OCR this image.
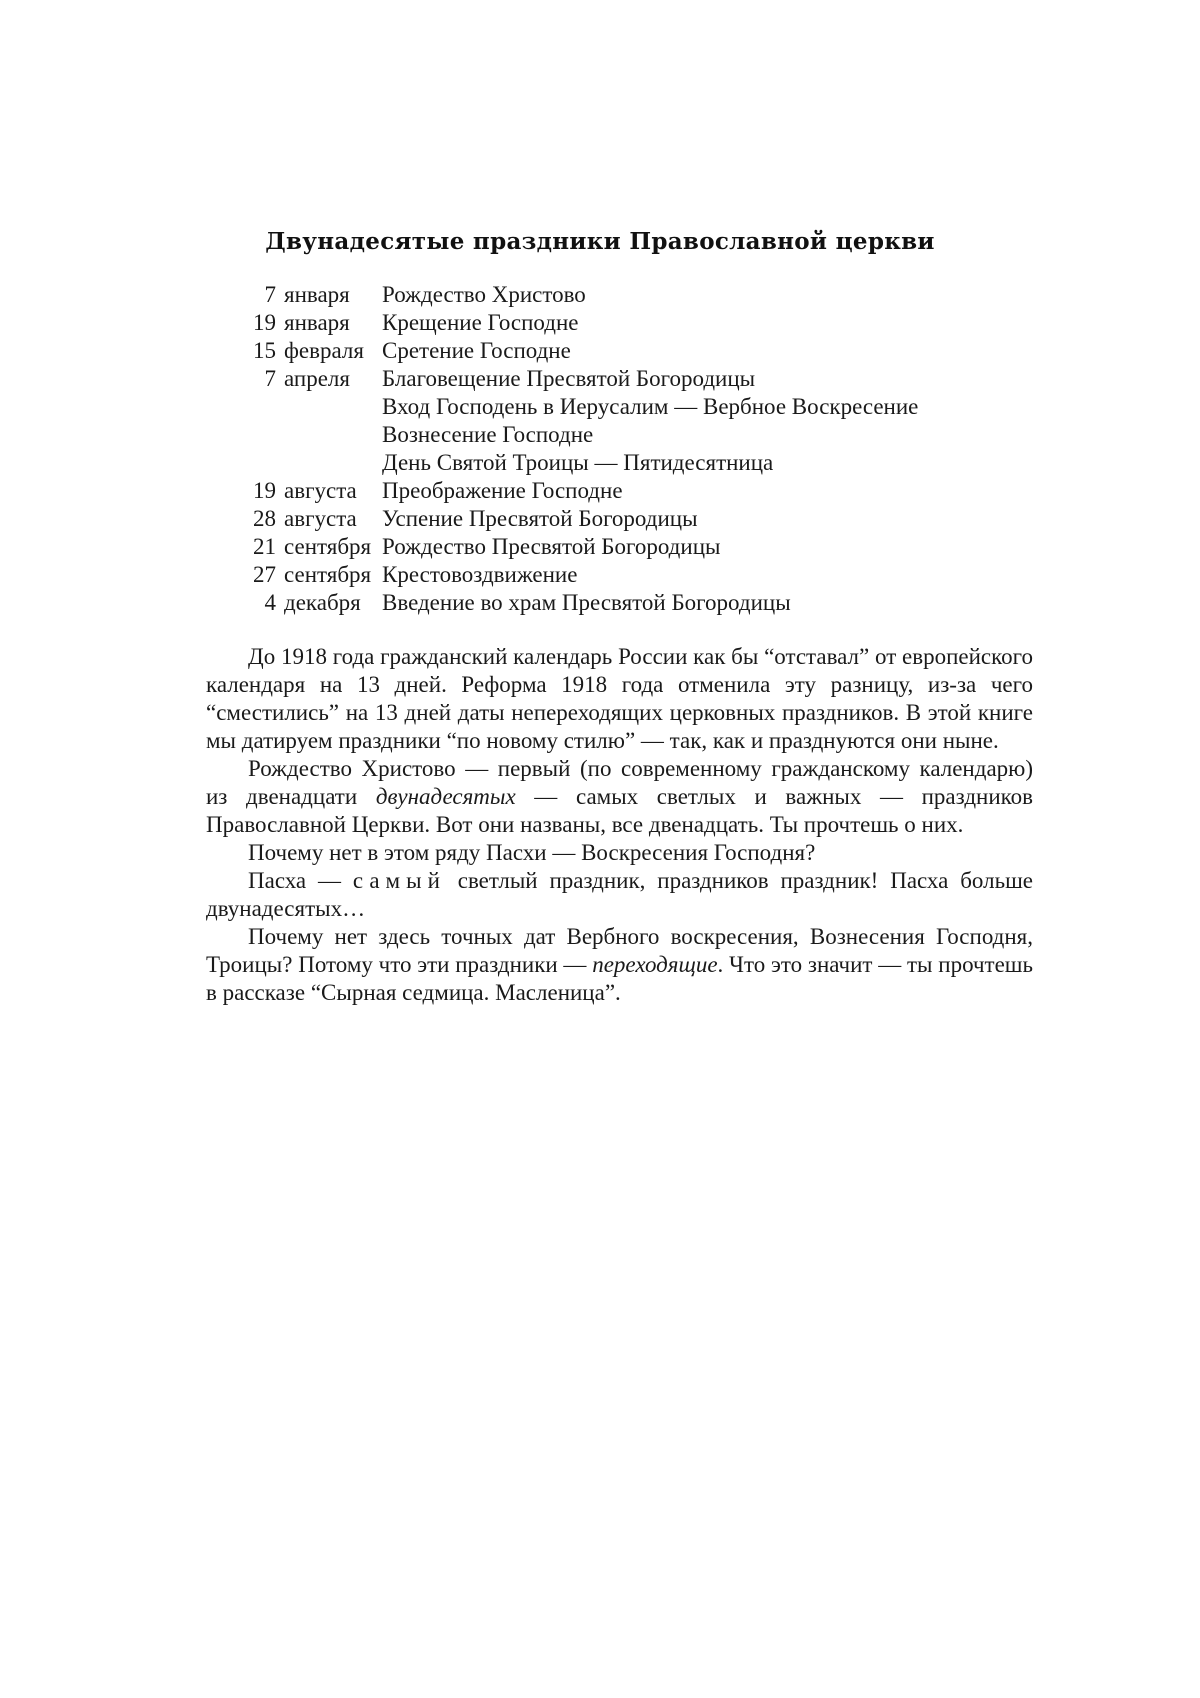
Двунадесятые праздники Православной церкви
7 января	Рождество Христово
19 января	Крещение Господне
15 февраля Сретение Господне
7 апреля	Благовещение Пресвятой Богородицы
Вход Господень в Иерусалим — Вербное Воскресение
Вознесение Господне
День Святой Троицы — Пятидесятница
19 августа	Преображение Господне
28 августа	Успение Пресвятой Богородицы
21 сентября Рождество Пресвятой Богородицы
27 сентября Крестовоздвижение
4 декабря Введение во храм Пресвятой Богородицы

До 1918 года гражданский календарь России как бы “отставал” от европейского календаря на 13 дней. Реформа 1918 года отменила эту разницу, из-за чего “сместились” на 13 дней даты непереходящих церковных праздников. В этой книге мы датируем праздники “по новому стилю” — так, как и празднуются они ныне.

Рождество Христово — первый (по современному гражданскому календарю) из двенадцати двунадесятых — самых светлых и важных — праздников Православной Церкви. Вот они названы, все двенадцать. Ты прочтешь о них.

Почему нет в этом ряду Пасхи — Воскресения Господня?

Пасха — самый светлый праздник, праздников праздник! Пасха больше двунадесятых…

Почему нет здесь точных дат Вербного воскресения, Вознесения Господня, Троицы? Потому что эти праздники — переходящие. Что это значит — ты прочтешь в рассказе “Сырная седмица. Масленица”.
